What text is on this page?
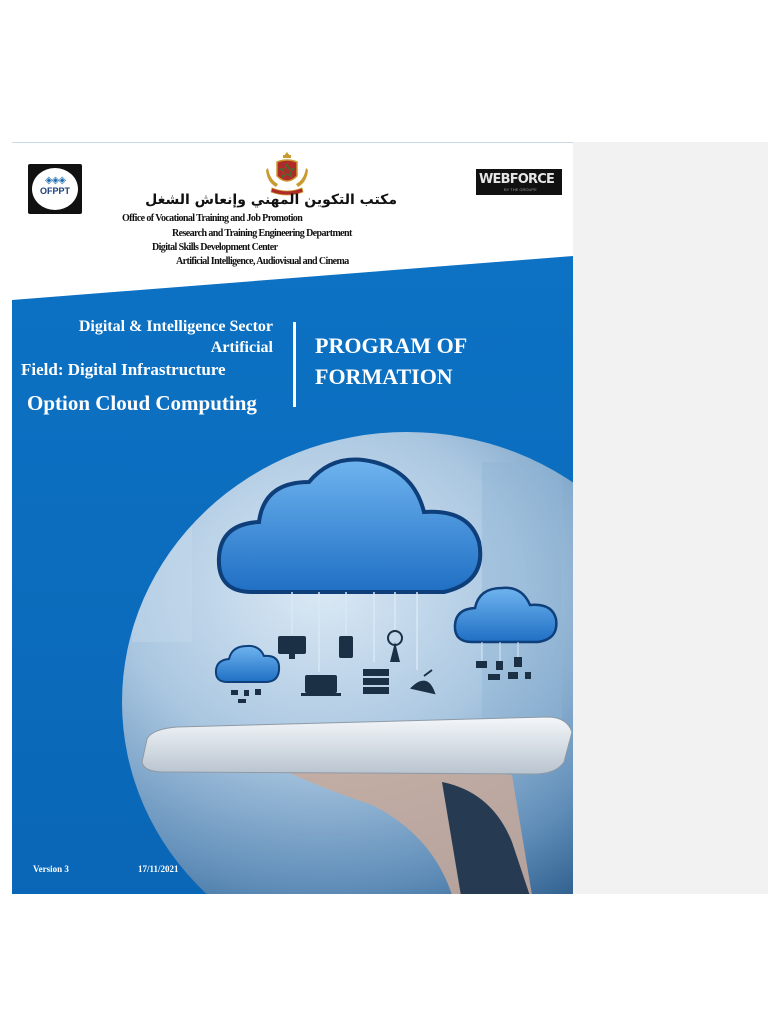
◈◈◈
OFPPT
مكتب التكوين المهني وإنعاش الشغل
Office of Vocational Training and Job Promotion
Research and Training Engineering Department
Digital Skills Development Center
Artificial Intelligence, Audiovisual and Cinema
WEBFORCE
BY THE GROUPE
Digital & Intelligence Sector
Artificial
Field: Digital Infrastructure
Option Cloud Computing
PROGRAM OF
FORMATION
Version 3	17/11/2021
